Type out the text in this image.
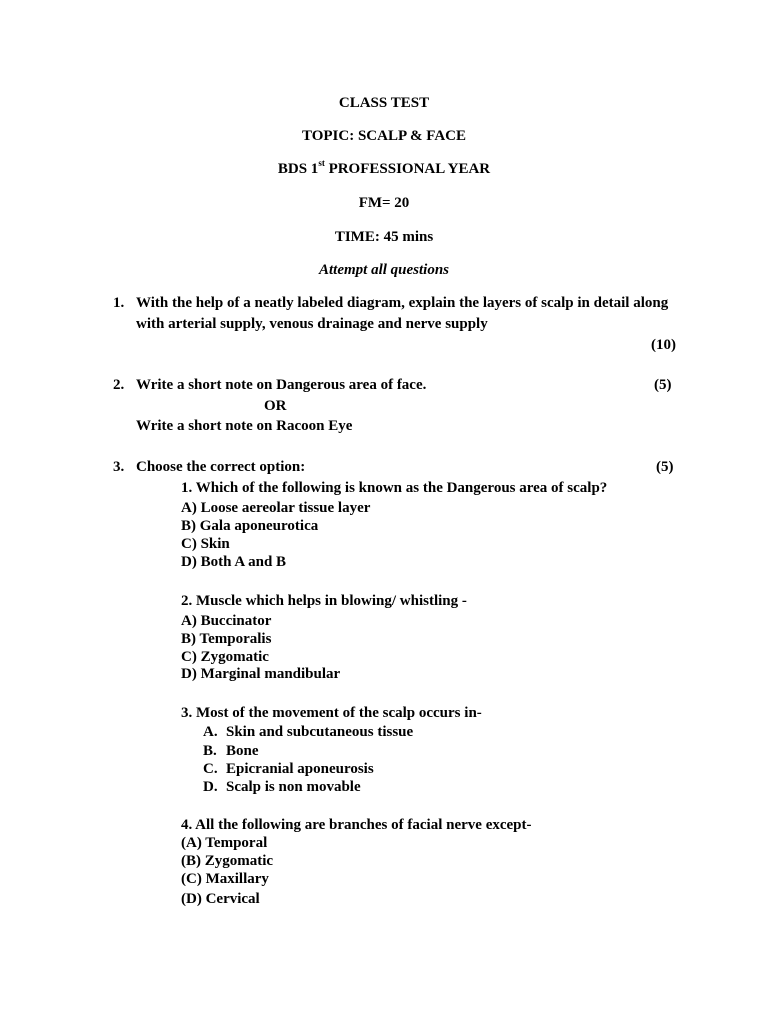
CLASS TEST
TOPIC: SCALP & FACE
BDS 1st PROFESSIONAL YEAR
FM= 20
TIME: 45 mins
Attempt all questions
1. With the help of a neatly labeled diagram, explain the layers of scalp in detail along
with arterial supply, venous drainage and nerve supply
(10)
2. Write a short note on Dangerous area of face.	(5)
OR
Write a short note on Racoon Eye
3. Choose the correct option:	(5)
1. Which of the following is known as the Dangerous area of scalp?
A) Loose aereolar tissue layer
B) Gala aponeurotica
C) Skin
D) Both A and B
2. Muscle which helps in blowing/ whistling -
A) Buccinator
B) Temporalis
C) Zygomatic
D) Marginal mandibular
3. Most of the movement of the scalp occurs in-
A. Skin and subcutaneous tissue
B. Bone
C. Epicranial aponeurosis
D. Scalp is non movable
4. All the following are branches of facial nerve except-
(A) Temporal
(B) Zygomatic
(C) Maxillary
(D) Cervical
